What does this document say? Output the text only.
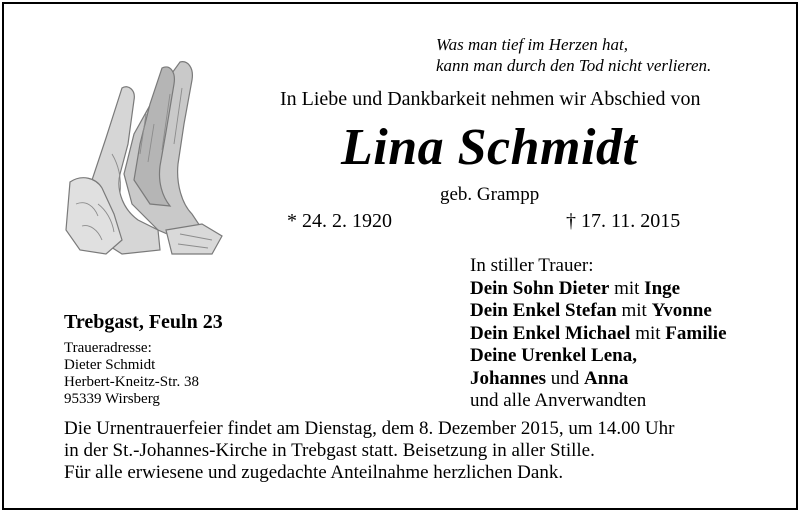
Was man tief im Herzen hat,
kann man durch den Tod nicht verlieren.
In Liebe und Dankbarkeit nehmen wir Abschied von
Lina Schmidt
geb. Grampp
* 24. 2. 1920	† 17. 11. 2015
In stiller Trauer:
Dein Sohn Dieter mit Inge
Dein Enkel Stefan mit Yvonne
Dein Enkel Michael mit Familie
Deine Urenkel Lena,
Johannes und Anna
und alle Anverwandten
Trebgast, Feuln 23
Traueradresse:
Dieter Schmidt
Herbert-Kneitz-Str. 38
95339 Wirsberg
Die Urnentrauerfeier findet am Dienstag, dem 8. Dezember 2015, um 14.00 Uhr
in der St.-Johannes-Kirche in Trebgast statt. Beisetzung in aller Stille.
Für alle erwiesene und zugedachte Anteilnahme herzlichen Dank.
